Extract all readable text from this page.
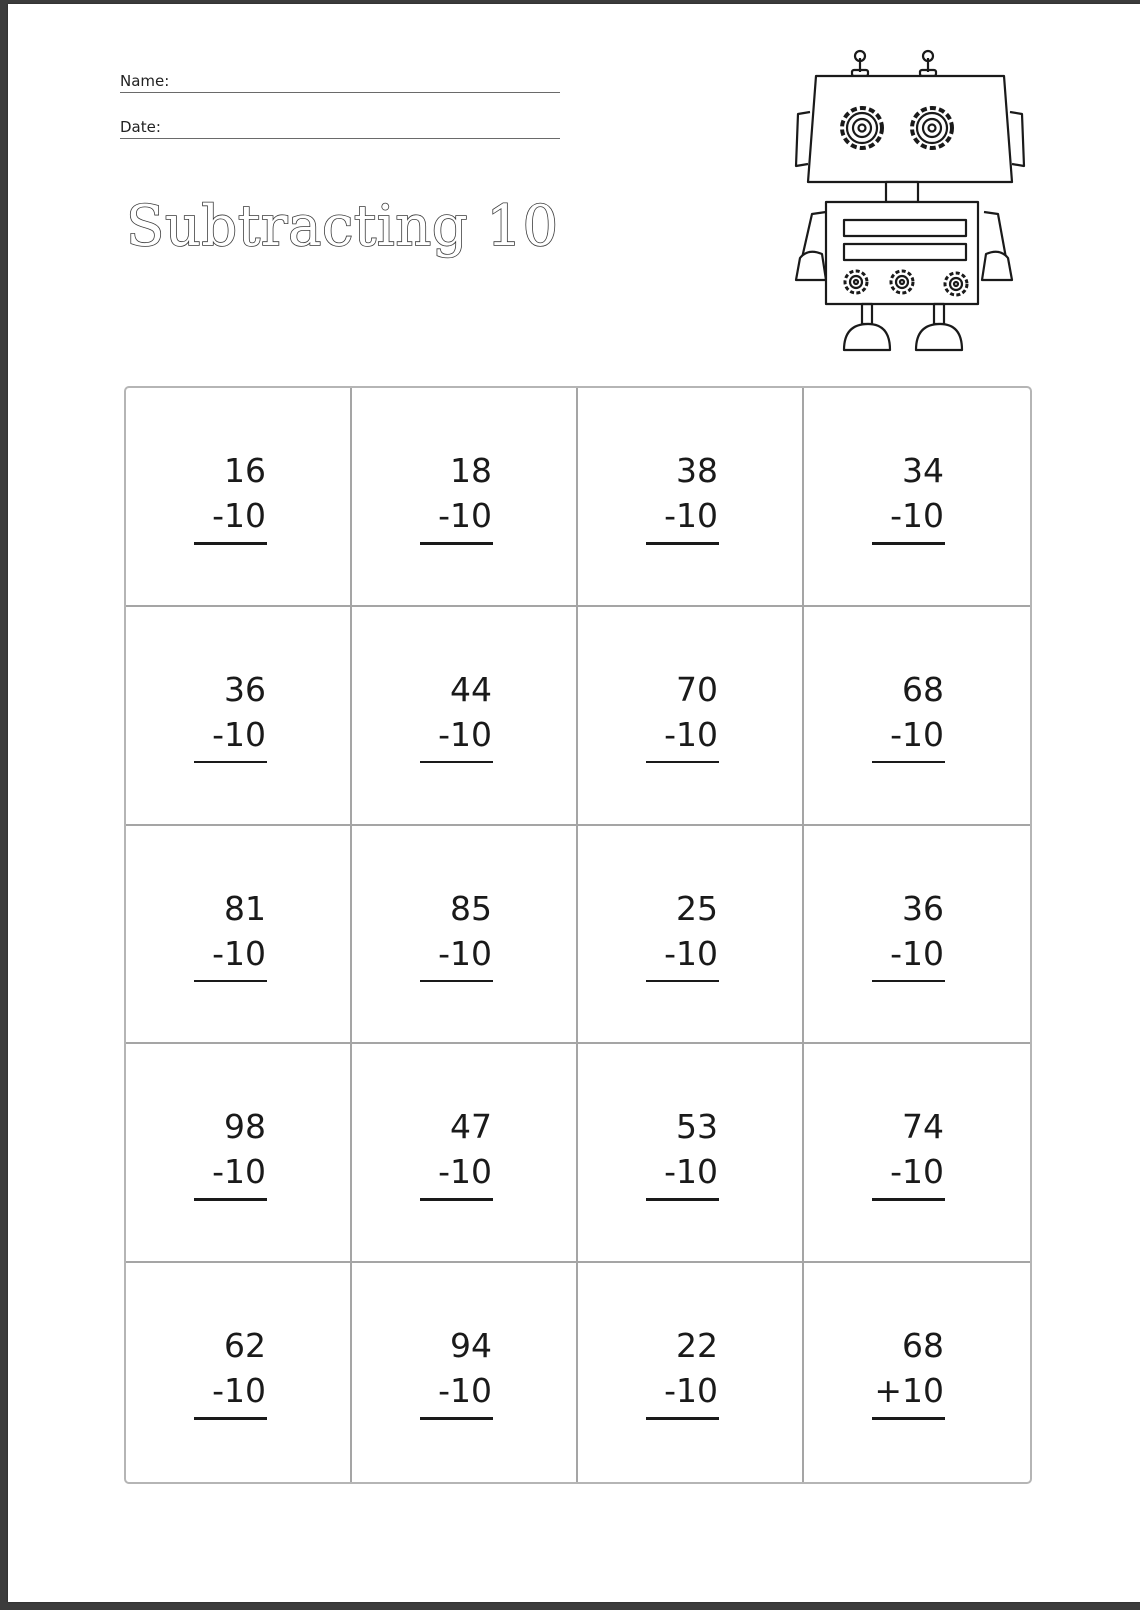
Name:
Date:
Subtracting 10
16
-10
18
-10
38
-10
34
-10
36
-10
44
-10
70
-10
68
-10
81
-10
85
-10
25
-10
36
-10
98
-10
47
-10
53
-10
74
-10
62
-10
94
-10
22
-10
68
+10
